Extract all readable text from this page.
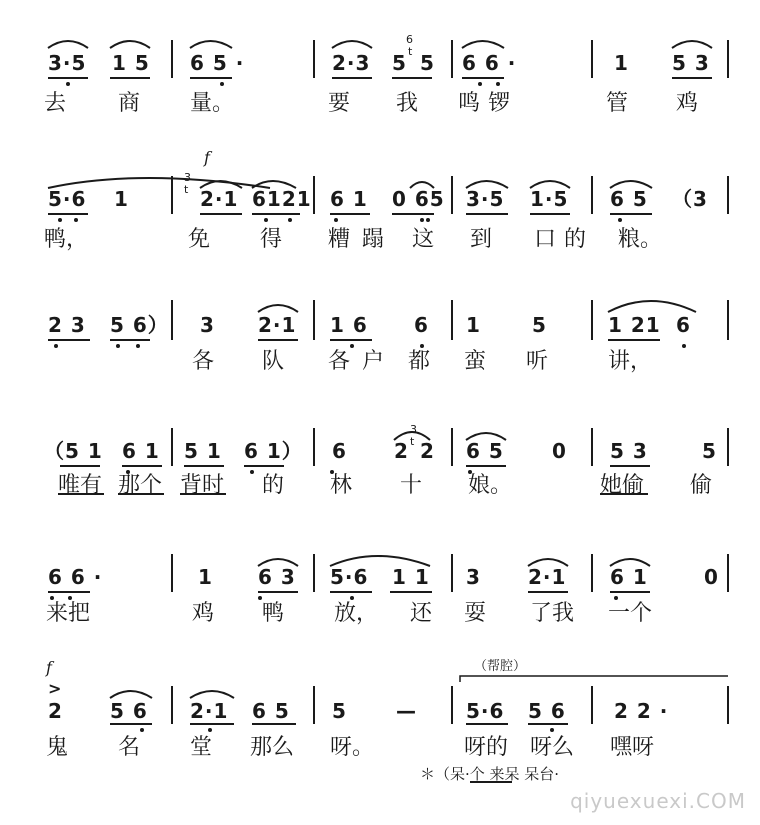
3·5 1 5 6 5 ·	2·3
6
5 t 5 6 6 ·	1 5 3
去 商 量。	要 我 鸣 锣	管 鸡
f
3
t
5·6 1	2·1 6121 6 1 0 65 3·5 1·5 6 5 （3
鸭，	免 得 糟 蹋 这 到 口 的 粮。
2 3 5 6） 3 2·1 1 6 6 1	5	1 21 6
各 队 各 户 都 蛮 听	讲，
3
t
（5 1 6 1 5 1 6 1） 6 2 2 6 5 0 5 3	5
唯有 那个 背时 的 林 十 娘。	她偷 偷
6 6 ·	1 6 3 5·6 1 1 3 2·1 6 1	0
来把	鸡 鸭 放， 还 耍 了我 一个
f
>
（帮腔）
2 5 6 2·1 6 5 5 — 5·6 5 6 2 2 ·
鬼 名 堂 那么 呀。	呀的 呀么 嘿呀
＊（呆·个 来呆 呆台·
qiyuexuexi.COM
